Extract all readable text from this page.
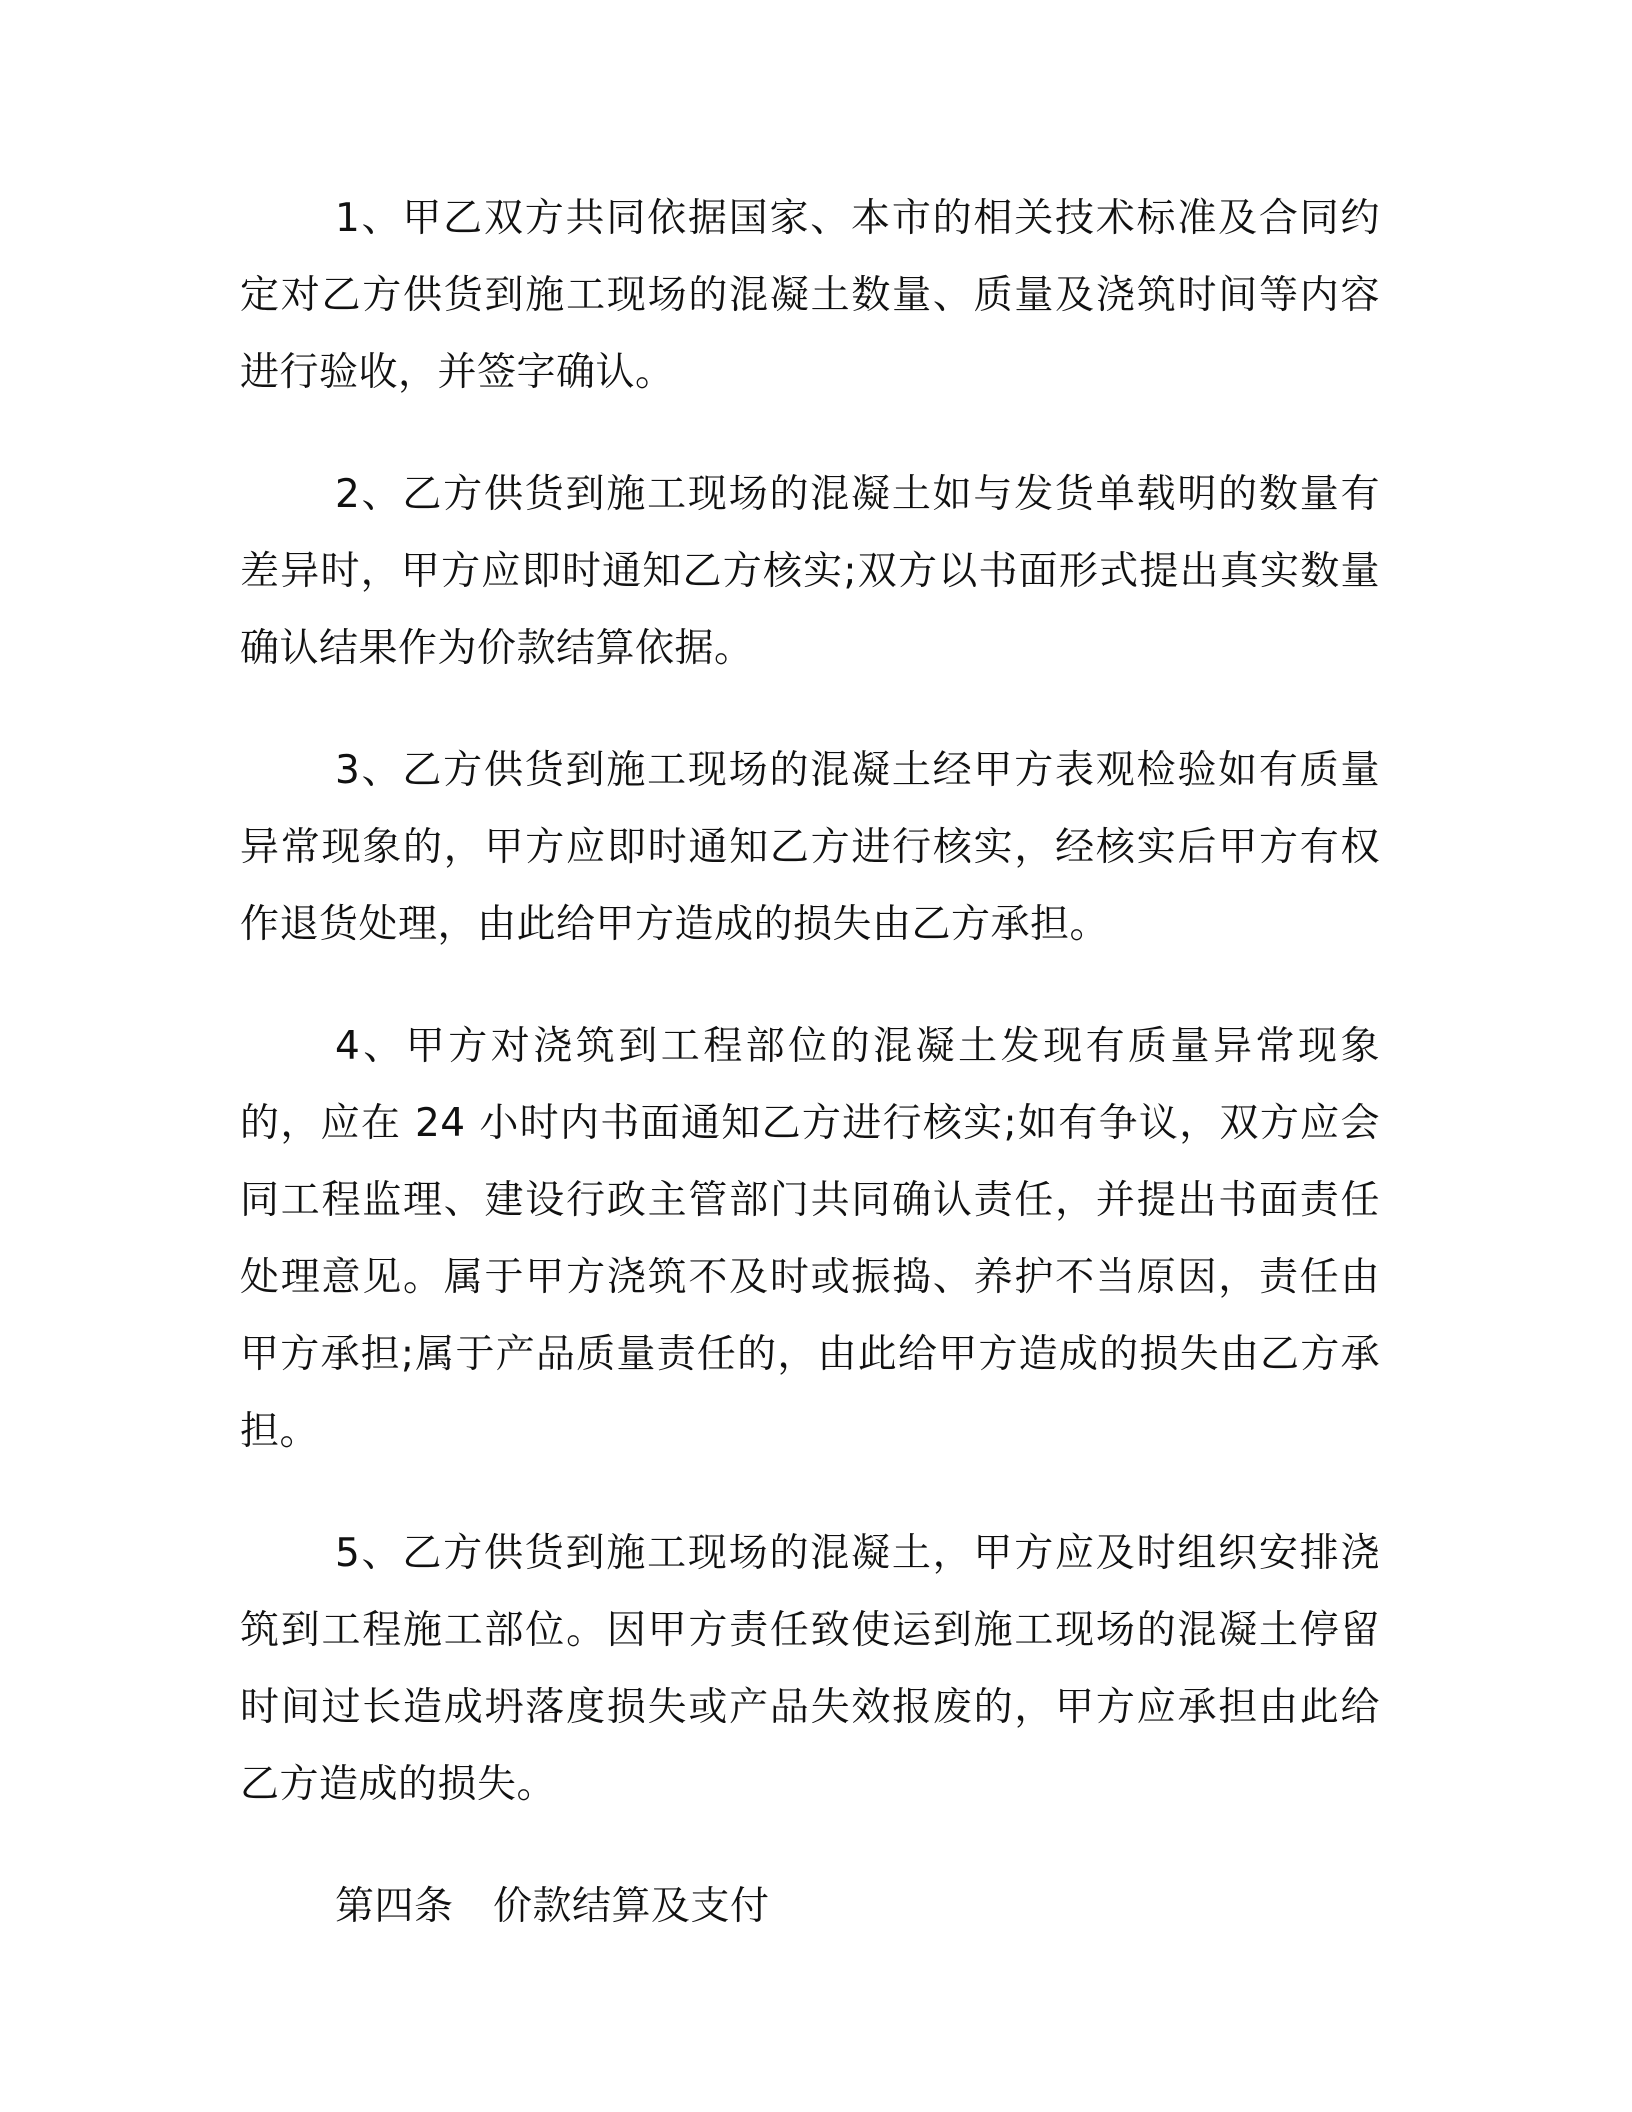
1、甲乙双方共同依据国家、本市的相关技术标准及合同约定对乙方供货到施工现场的混凝土数量、质量及浇筑时间等内容进行验收，并签字确认。

2、乙方供货到施工现场的混凝土如与发货单载明的数量有差异时，甲方应即时通知乙方核实;双方以书面形式提出真实数量确认结果作为价款结算依据。

3、乙方供货到施工现场的混凝土经甲方表观检验如有质量异常现象的，甲方应即时通知乙方进行核实，经核实后甲方有权作退货处理，由此给甲方造成的损失由乙方承担。

4、甲方对浇筑到工程部位的混凝土发现有质量异常现象的，应在 24 小时内书面通知乙方进行核实;如有争议，双方应会同工程监理、建设行政主管部门共同确认责任，并提出书面责任处理意见。属于甲方浇筑不及时或振捣、养护不当原因，责任由甲方承担;属于产品质量责任的，由此给甲方造成的损失由乙方承担。

5、乙方供货到施工现场的混凝土，甲方应及时组织安排浇筑到工程施工部位。因甲方责任致使运到施工现场的混凝土停留时间过长造成坍落度损失或产品失效报废的，甲方应承担由此给乙方造成的损失。

第四条　价款结算及支付
